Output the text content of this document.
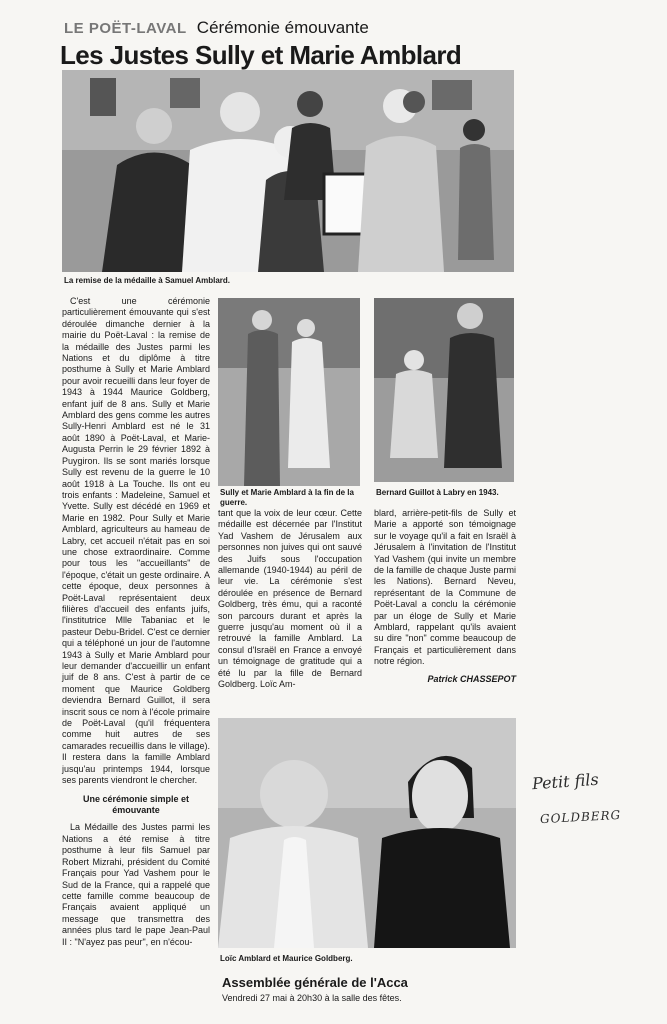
LE POËT-LAVAL Cérémonie émouvante
Les Justes Sully et Marie Amblard
La remise de la médaille à Samuel Amblard.

C'est une cérémonie particulièrement émouvante qui s'est déroulée dimanche dernier à la mairie du Poët-Laval : la remise de la médaille des Justes parmi les Nations et du diplôme à titre posthume à Sully et Marie Amblard pour avoir recueilli dans leur foyer de 1943 à 1944 Maurice Goldberg, enfant juif de 8 ans. Sully et Marie Amblard des gens comme les autres Sully-Henri Amblard est né le 31 août 1890 à Poët-Laval, et Marie-Augusta Perrin le 29 février 1892 à Puygiron. Ils se sont mariés lorsque Sully est revenu de la guerre le 10 août 1918 à La Touche. Ils ont eu trois enfants : Madeleine, Samuel et Yvette. Sully est décédé en 1969 et Marie en 1982. Pour Sully et Marie Amblard, agriculteurs au hameau de Labry, cet accueil n'était pas en soi une chose extraordinaire. Comme pour tous les "accueillants" de l'époque, c'était un geste ordinaire. A cette époque, deux personnes à Poët-Laval représentaient deux filières d'accueil des enfants juifs, l'institutrice Mlle Tabaniac et le pasteur Debu-Bridel. C'est ce dernier qui a téléphoné un jour de l'automne 1943 à Sully et Marie Amblard pour leur demander d'accueillir un enfant juif de 8 ans. C'est à partir de ce moment que Maurice Goldberg deviendra Bernard Guillot, il sera inscrit sous ce nom à l'école primaire de Poët-Laval (qu'il fréquentera comme huit autres de ses camarades recueillis dans le village). Il restera dans la famille Amblard jusqu'au printemps 1944, lorsque ses parents viendront le chercher.

Une cérémonie simple et émouvante

La Médaille des Justes parmi les Nations a été remise à titre posthume à leur fils Samuel par Robert Mizrahi, président du Comité Français pour Yad Vashem pour le Sud de la France, qui a rappelé que cette famille comme beaucoup de Français avaient appliqué un message que transmettra des années plus tard le pape Jean-Paul II : "N'ayez pas peur", en n'écou-

Sully et Marie Amblard à la fin de la guerre.
Bernard Guillot à Labry en 1943.

tant que la voix de leur cœur. Cette médaille est décernée par l'Institut Yad Vashem de Jérusalem aux personnes non juives qui ont sauvé des Juifs sous l'occupation allemande (1940-1944) au péril de leur vie. La cérémonie s'est déroulée en présence de Bernard Goldberg, très ému, qui a raconté son parcours durant et après la guerre jusqu'au moment où il a retrouvé la famille Amblard. La consul d'Israël en France a envoyé un témoignage de gratitude qui a été lu par la fille de Bernard Goldberg. Loïc Am-

blard, arrière-petit-fils de Sully et Marie a apporté son témoignage sur le voyage qu'il a fait en Israël à Jérusalem à l'invitation de l'Institut Yad Vashem (qui invite un membre de la famille de chaque Juste parmi les Nations). Bernard Neveu, représentant de la Commune de Poët-Laval a conclu la cérémonie par un éloge de Sully et Marie Amblard, rappelant qu'ils avaient su dire "non" comme beaucoup de Français et particulièrement dans notre région.

Patrick CHASSEPOT
Loïc Amblard et Maurice Goldberg.
Assemblée générale de l'Acca
Vendredi 27 mai à 20h30 à la salle des fêtes.
Petit fils
GOLDBERG
